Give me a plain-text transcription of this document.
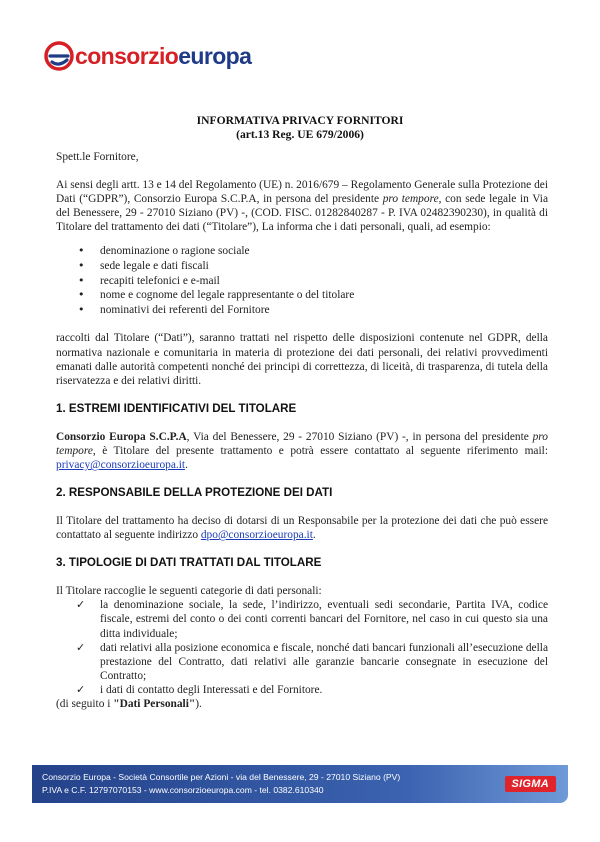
consorzioeuropa
INFORMATIVA PRIVACY FORNITORI
(art.13 Reg. UE 679/2006)

Spett.le Fornitore,

Ai sensi degli artt. 13 e 14 del Regolamento (UE) n. 2016/679 – Regolamento Generale sulla Protezione dei Dati (“GDPR”), Consorzio Europa S.C.P.A, in persona del presidente pro tempore, con sede legale in Via del Benessere, 29 - 27010 Siziano (PV) -, (COD. FISC. 01282840287 - P. IVA 02482390230), in qualità di Titolare del trattamento dei dati (“Titolare”), La informa che i dati personali, quali, ad esempio:

• denominazione o ragione sociale
• sede legale e dati fiscali
• recapiti telefonici e e-mail
• nome e cognome del legale rappresentante o del titolare
• nominativi dei referenti del Fornitore

raccolti dal Titolare (“Dati”), saranno trattati nel rispetto delle disposizioni contenute nel GDPR, della normativa nazionale e comunitaria in materia di protezione dei dati personali, dei relativi provvedimenti emanati dalle autorità competenti nonché dei principi di correttezza, di liceità, di trasparenza, di tutela della riservatezza e dei relativi diritti.

1. ESTREMI IDENTIFICATIVI DEL TITOLARE

Consorzio Europa S.C.P.A, Via del Benessere, 29 - 27010 Siziano (PV) -, in persona del presidente pro tempore, è Titolare del presente trattamento e potrà essere contattato al seguente riferimento mail: privacy@consorzioeuropa.it.

2. RESPONSABILE DELLA PROTEZIONE DEI DATI

Il Titolare del trattamento ha deciso di dotarsi di un Responsabile per la protezione dei dati che può essere contattato al seguente indirizzo dpo@consorzioeuropa.it.

3. TIPOLOGIE DI DATI TRATTATI DAL TITOLARE

Il Titolare raccoglie le seguenti categorie di dati personali:

✓ la denominazione sociale, la sede, l’indirizzo, eventuali sedi secondarie, Partita IVA, codice fiscale, estremi del conto o dei conti correnti bancari del Fornitore, nel caso in cui questo sia una ditta individuale;
✓ dati relativi alla posizione economica e fiscale, nonché dati bancari funzionali all’esecuzione della prestazione del Contratto, dati relativi alle garanzie bancarie consegnate in esecuzione del Contratto;
✓ i dati di contatto degli Interessati e del Fornitore.

(di seguito i "Dati Personali").

Consorzio Europa - Società Consortile per Azioni - via del Benessere, 29 - 27010 Siziano (PV)
P.IVA e C.F. 12797070153 - www.consorzioeuropa.com - tel. 0382.610340	SIGMA
